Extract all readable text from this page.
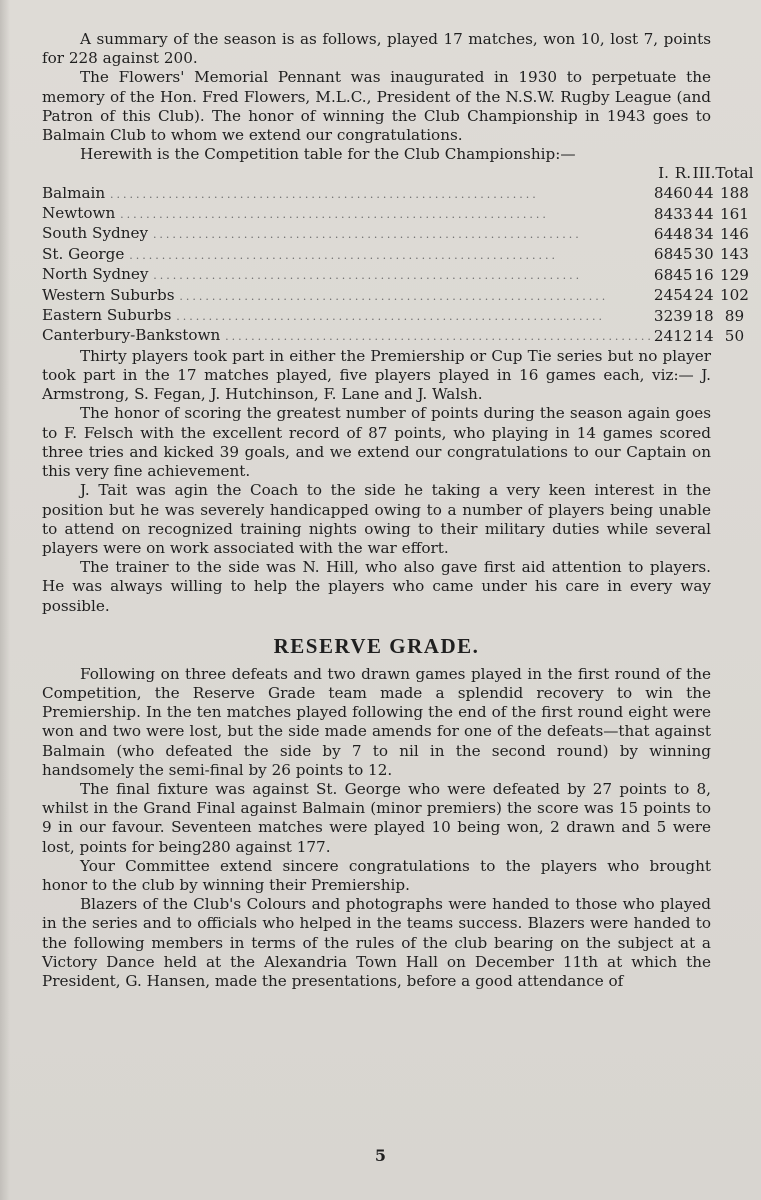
A summary of the season is as follows, played 17 matches, won 10, lost 7, points for 228 against 200.

The Flowers' Memorial Pennant was inaugurated in 1930 to perpetuate the memory of the Hon. Fred Flowers, M.L.C., President of the N.S.W. Rugby League (and Patron of this Club). The honor of winning the Club Championship in 1943 goes to Balmain Club to whom we extend our congratulations.

Herewith is the Competition table for the Club Championship:—

	I.	R.	III.	Total
Balmain ..................................................................	84	60	44	188
Newtown ..................................................................	84	33	44	161
South Sydney ..................................................................	64	48	34	146
St. George ..................................................................	68	45	30	143
North Sydney ..................................................................	68	45	16	129
Western Suburbs ..................................................................	24	54	24	102
Eastern Suburbs ..................................................................	32	39	18	89
Canterbury-Bankstown ..................................................................	24	12	14	50

Thirty players took part in either the Premiership or Cup Tie series but no player took part in the 17 matches played, five players played in 16 games each, viz:— J. Armstrong, S. Fegan, J. Hutchinson, F. Lane and J. Walsh.

The honor of scoring the greatest number of points during the season again goes to F. Felsch with the excellent record of 87 points, who playing in 14 games scored three tries and kicked 39 goals, and we extend our congratulations to our Captain on this very fine achievement.

J. Tait was agin the Coach to the side he taking a very keen interest in the position but he was severely handicapped owing to a number of players being unable to attend on recognized training nights owing to their military duties while several players were on work associated with the war effort.

The trainer to the side was N. Hill, who also gave first aid attention to players. He was always willing to help the players who came under his care in every way possible.

RESERVE GRADE.

Following on three defeats and two drawn games played in the first round of the Competition, the Reserve Grade team made a splendid recovery to win the Premiership. In the ten matches played following the end of the first round eight were won and two were lost, but the side made amends for one of the defeats—that against Balmain (who defeated the side by 7 to nil in the second round) by winning handsomely the semi-final by 26 points to 12.

The final fixture was against St. George who were defeated by 27 points to 8, whilst in the Grand Final against Balmain (minor premiers) the score was 15 points to 9 in our favour. Seventeen matches were played 10 being won, 2 drawn and 5 were lost, points for being280 against 177.

Your Committee extend sincere congratulations to the players who brought honor to the club by winning their Premiership.

Blazers of the Club's Colours and photographs were handed to those who played in the series and to officials who helped in the teams success. Blazers were handed to the following members in terms of the rules of the club bearing on the subject at a Victory Dance held at the Alexandria Town Hall on December 11th at which the President, G. Hansen, made the presentations, before a good attendance of

5
